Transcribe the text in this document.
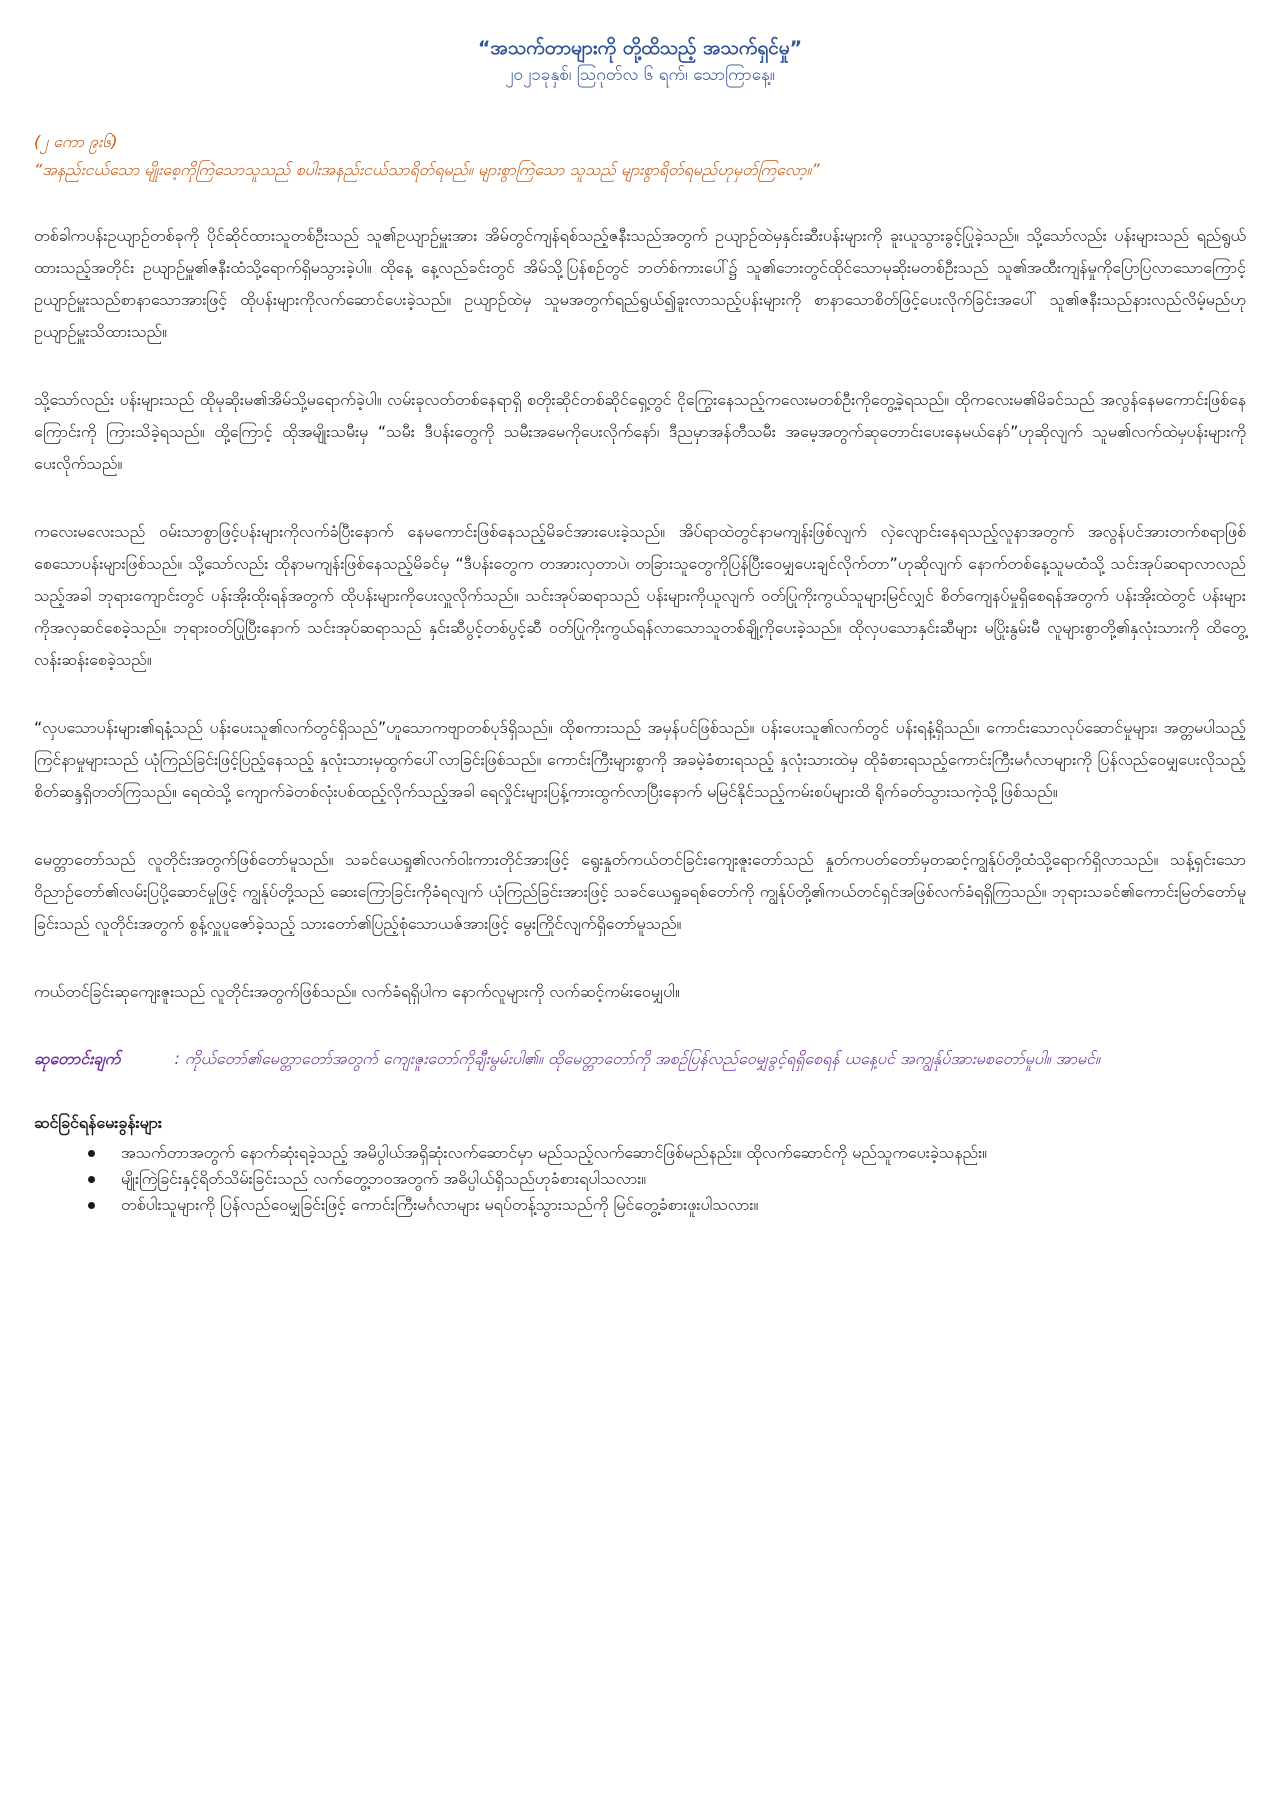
“အသက်တာများကို တို့ထိသည့် အသက်ရှင်မှု”

၂၀၂၁ခုနှစ်၊ ဩဂုတ်လ ၆ ရက်၊ သောကြာနေ့။

(၂ ကော ၉း၆)

“အနည်းငယ်သော မျိုးစေ့ကိုကြဲသောသူသည် စပါးအနည်းငယ်သာရိတ်ရမည်။ များစွာကြဲသော သူသည် များစွာရိတ်ရမည်ဟုမှတ်ကြလော့။”

တစ်ခါကပန်းဥယျာဉ်တစ်ခုကို ပိုင်ဆိုင်ထားသူတစ်ဦးသည် သူ၏ဥယျာဉ်မှူးအား အိမ်တွင်ကျန်ရစ်သည့်ဇနီးသည်အတွက် ဥယျာဉ်ထဲမှနှင်းဆီးပန်းများကို ခူးယူသွားခွင့်ပြုခဲ့သည်။ သို့သော်လည်း ပန်းများသည် ရည်ရွယ်ထားသည့်အတိုင်း ဥယျာဉ်မှူ၏ဇနီးထံသို့ရောက်ရှိမသွားခဲ့ပါ။ ထိုနေ့ နေ့လည်ခင်းတွင် အိမ်သို့ပြန်စဉ်တွင် ဘတ်စ်ကားပေါ်၌ သူ၏ဘေးတွင်ထိုင်သောမုဆိုးမတစ်ဦးသည် သူ၏အထီးကျန်မှုကိုပြောပြလာသောကြောင့် ဥယျာဉ်မှူးသည်စာနာသောအားဖြင့် ထိုပန်းများကိုလက်ဆောင်ပေးခဲ့သည်။ ဥယျာဉ်ထဲမှ သူမအတွက်ရည်ရွယ်၍ခူးလာသည့်ပန်းများကို စာနာသောစိတ်ဖြင့်ပေးလိုက်ခြင်းအပေါ် သူ၏ဇနီးသည်နားလည်လိမ့်မည်ဟု ဥယျာဉ်မှူးသိထားသည်။

သို့သော်လည်း ပန်းများသည် ထိုမုဆိုးမ၏အိမ်သို့မရောက်ခဲ့ပါ။ လမ်းခုလတ်တစ်နေရာရှိ စတိုးဆိုင်တစ်ဆိုင်ရှေ့တွင် ငိုကြွေးနေသည့်ကလေးမတစ်ဦးကိုတွေ့ခဲ့ရသည်။ ထိုကလေးမ၏မိခင်သည် အလွန်နေမကောင်းဖြစ်နေကြောင်းကို ကြားသိခဲ့ရသည်။ ထို့ကြောင့် ထိုအမျိုးသမီးမှ “သမီး ဒီပန်းတွေကို သမီးအမေကိုပေးလိုက်နော်၊ ဒီညမှာအန်တီသမီး အမေ့အတွက်ဆုတောင်းပေးနေမယ်နော်”ဟုဆိုလျက် သူမ၏လက်ထဲမှပန်းများကိုပေးလိုက်သည်။

ကလေးမလေးသည် ဝမ်းသာစွာဖြင့်ပန်းများကိုလက်ခံပြီးနောက် နေမကောင်းဖြစ်နေသည့်မိခင်အားပေးခဲ့သည်။ အိပ်ရာထဲတွင်နာမကျန်းဖြစ်လျက် လှဲလျောင်းနေရသည့်လူနာအတွက် အလွန်ပင်အားတက်စရာဖြစ်စေသောပန်းများဖြစ်သည်။ သို့သော်လည်း ထိုနာမကျန်းဖြစ်နေသည့်မိခင်မှ “ဒီပန်းတွေက တအားလှတာပဲ၊ တခြားသူတွေကိုပြန်ပြီးဝေမျှပေးချင်လိုက်တာ”ဟုဆိုလျက် နောက်တစ်နေ့သူမထံသို့ သင်းအုပ်ဆရာလာလည်သည့်အခါ ဘုရားကျောင်းတွင် ပန်းအိုးထိုးရန်အတွက် ထိုပန်းများကိုပေးလှူလိုက်သည်။ သင်းအုပ်ဆရာသည် ပန်းများကိုယူလျက် ဝတ်ပြုကိုးကွယ်သူများမြင်လျှင် စိတ်ကျေနပ်မှုရှိစေရန်အတွက် ပန်းအိုးထဲတွင် ပန်းများကိုအလှဆင်စေခဲ့သည်။ ဘုရားဝတ်ပြုပြီးနောက် သင်းအုပ်ဆရာသည် နှင်းဆီပွင့်တစ်ပွင့်ဆီ ဝတ်ပြုကိုးကွယ်ရန်လာသောသူတစ်ချို့ကိုပေးခဲ့သည်။ ထိုလှပသောနှင်းဆီများ မပြိုးနွမ်းမီ လူများစွာတို့၏နှလုံးသားကို ထိတွေ့လန်းဆန်းစေခဲ့သည်။

“လှပသောပန်းများ၏ရနံ့သည် ပန်းပေးသူ၏လက်တွင်ရှိသည်”ဟူသောကဗျာတစ်ပုဒ်ရှိသည်။ ထိုစကားသည် အမှန်ပင်ဖြစ်သည်။ ပန်းပေးသူ၏လက်တွင် ပန်းရနံ့ရှိသည်။ ကောင်းသောလုပ်ဆောင်မှုများ၊ အတ္တမပါသည့်ကြင်နာမှုများသည် ယုံကြည်ခြင်းဖြင့်ပြည့်နေသည့် နှလုံးသားမှထွက်ပေါ်လာခြင်းဖြစ်သည်။ ကောင်းကြီးများစွာကို အခမဲ့ခံစားရသည့် နှလုံးသားထဲမှ ထိုခံစားရသည့်ကောင်းကြီးမင်္ဂလာများကို ပြန်လည်ဝေမျှပေးလိုသည့်စိတ်ဆန္ဒရှိတတ်ကြသည်။ ရေထဲသို့ ကျောက်ခဲတစ်လုံးပစ်ထည့်လိုက်သည့်အခါ ရေလှိုင်းများပြန့်ကားထွက်လာပြီးနောက် မမြင်နိုင်သည့်ကမ်းစပ်များထိ ရိုက်ခတ်သွားသကဲ့သို့ဖြစ်သည်။

မေတ္တာတော်သည် လူတိုင်းအတွက်ဖြစ်တော်မူသည်။ သခင်ယေရှု၏လက်ဝါးကားတိုင်အားဖြင့် ရွေးနှုတ်ကယ်တင်ခြင်းကျေးဇူးတော်သည် နှုတ်ကပတ်တော်မှတဆင့်ကျွန်ုပ်တို့ထံသို့ရောက်ရှိလာသည်။ သန့်ရှင်းသောဝိညာဉ်တော်၏လမ်းပြပို့ဆောင်မှုဖြင့် ကျွန်ုပ်တို့သည် ဆေးကြောခြင်းကိုခံရလျက် ယုံကြည်ခြင်းအားဖြင့် သခင်ယေရှုခရစ်တော်ကို ကျွန်ုပ်တို့၏ကယ်တင်ရှင်အဖြစ်လက်ခံရရှိကြသည်။ ဘုရားသခင်၏ကောင်းမြတ်တော်မူခြင်းသည် လူတိုင်းအတွက် စွန့်လှူပူဇော်ခဲ့သည့် သားတော်၏ပြည့်စုံသောယဇ်အားဖြင့် မွေးကြိုင်လျက်ရှိတော်မူသည်။

ကယ်တင်ခြင်းဆုကျေးဇူးသည် လူတိုင်းအတွက်ဖြစ်သည်။ လက်ခံရရှိပါက နောက်လူများကို လက်ဆင့်ကမ်းဝေမျှပါ။

ဆုတောင်းချက်	: ကိုယ်တော်၏မေတ္တာတော်အတွက် ကျေးဇူးတော်ကိုချီးမွမ်းပါ၏။ ထိုမေတ္တာတော်ကို အစဉ်ပြန်လည်ဝေမျှခွင့်ရရှိစေရန် ယနေ့ပင် အကျွန်ုပ်အားမစတော်မူပါ။ အာမင်။

ဆင်ခြင်ရန်မေးခွန်းများ

အသက်တာအတွက် နောက်ဆုံးရခဲ့သည့် အမိပွါယ်အရှိဆုံးလက်ဆောင်မှာ မည်သည့်လက်ဆောင်ဖြစ်မည်နည်း။ ထိုလက်ဆောင်ကို မည်သူကပေးခဲ့သနည်း။
မျိုးကြဲခြင်းနှင့်ရိတ်သိမ်းခြင်းသည် လက်တွေ့ဘဝအတွက် အဓိပ္ပါယ်ရှိသည်ဟုခံစားရပါသလား။
တစ်ပါးသူများကို ပြန်လည်ဝေမျှခြင်းဖြင့် ကောင်းကြီးမင်္ဂလာများ မရပ်တန့်သွားသည်ကို မြင်တွေ့ခံစားဖူးပါသလား။
